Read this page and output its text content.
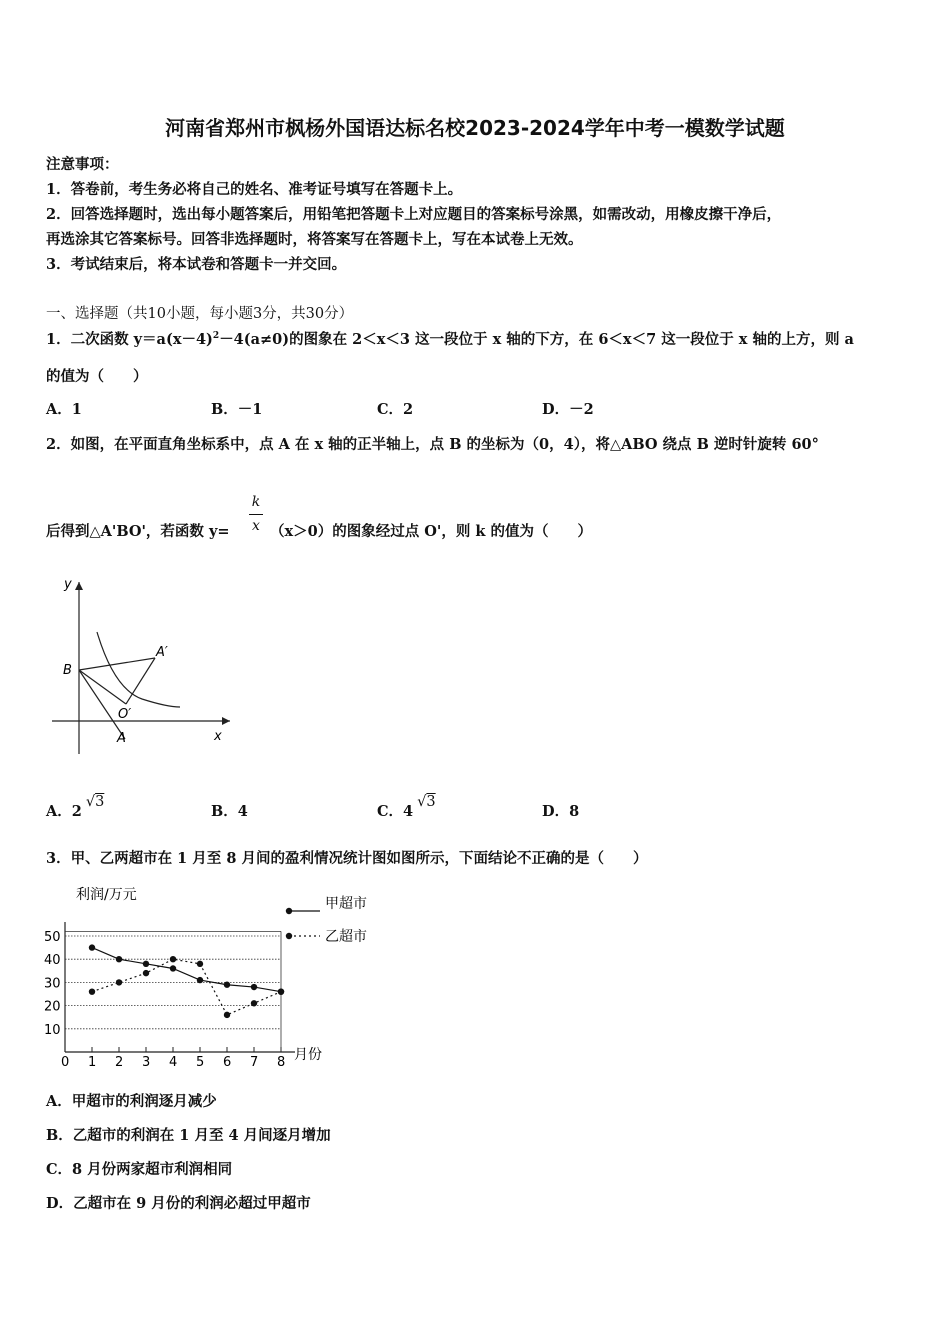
河南省郑州市枫杨外国语达标名校2023-2024学年中考一模数学试题
注意事项：
1．答卷前，考生务必将自己的姓名、准考证号填写在答题卡上。
2．回答选择题时，选出每小题答案后，用铅笔把答题卡上对应题目的答案标号涂黑，如需改动，用橡皮擦干净后，
再选涂其它答案标号。回答非选择题时，将答案写在答题卡上，写在本试卷上无效。
3．考试结束后，将本试卷和答题卡一并交回。
一、选择题（共10小题，每小题3分，共30分）
1．二次函数 $y=a(x-4)^2-4(a\ne 0)$的图象在 2＜x＜3 这一段位于 x 轴的下方，在 6＜x＜7 这一段位于 x 轴的上方，则 a
的值为（　　）
A．1	B．－1	C．2	D．－2
2．如图，在平面直角坐标系中，点 A 在 x 轴的正半轴上，点 B 的坐标为（0，4），将△ABO 绕点 B 逆时针旋转 60°
k
x
后得到△A'BO'，若函数 y=	（x＞0）的图象经过点 O'，则 k 的值为（　　）
y
x
B
A
A′
O′
A．2√3
B．4	C．4√3
D．8
3．甲、乙两超市在 1 月至 8 月间的盈利情况统计图如图所示，下面结论不正确的是（　　）
利润/万元
月份
10
20
30
40
50
0 1 2 3 4 5 6 7 8
甲超市
乙超市
A．甲超市的利润逐月减少
B．乙超市的利润在 1 月至 4 月间逐月增加
C．8 月份两家超市利润相同
D．乙超市在 9 月份的利润必超过甲超市
